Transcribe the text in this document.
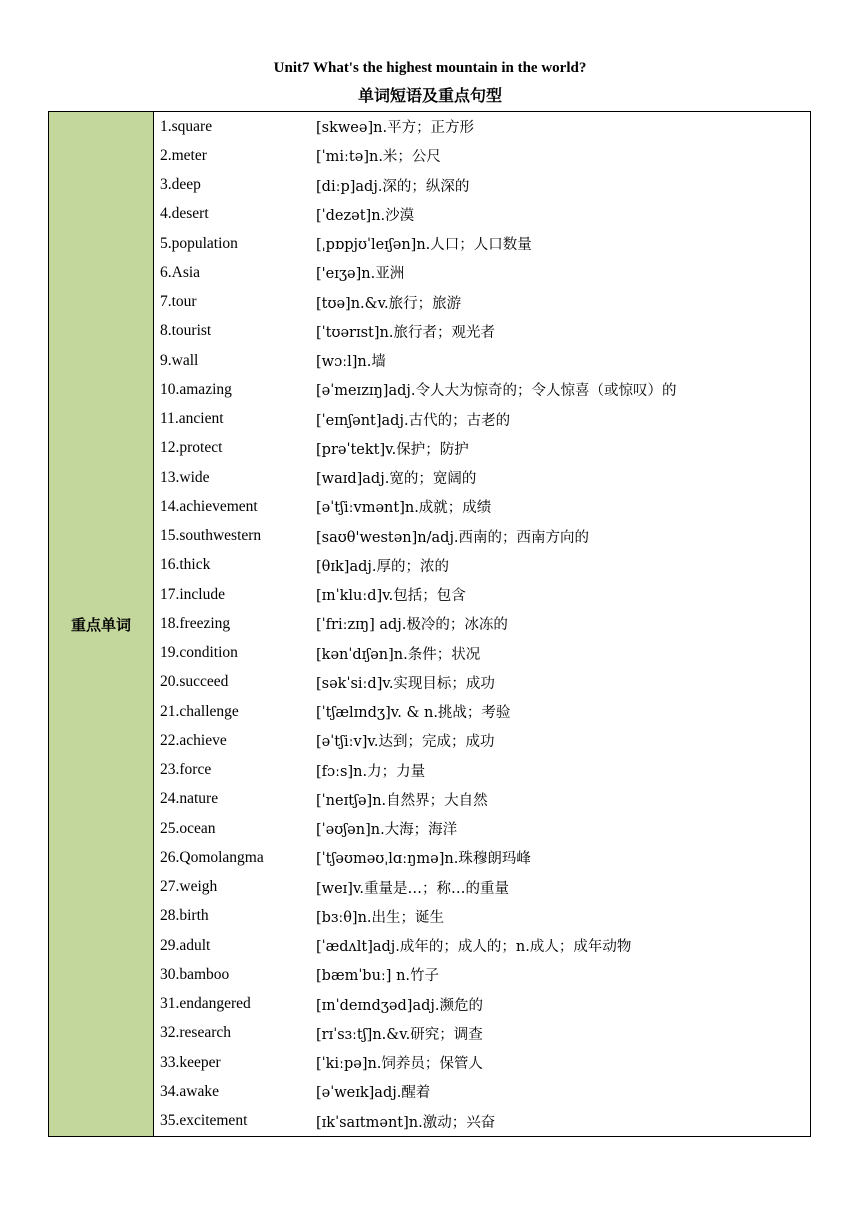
Unit7 What's the highest mountain in the world?
单词短语及重点句型
重点单词
1.square	[skweə]n.平方；正方形
2.meter	[ˈmiːtə]n.米；公尺
3.deep	[diːp]adj.深的；纵深的
4.desert	[ˈdezət]n.沙漠
5.population	[ˌpɒpjʊˈleɪʃən]n.人口；人口数量
6.Asia	['eɪʒə]n.亚洲
7.tour	[tʊə]n.&v.旅行；旅游
8.tourist	[ˈtʊərɪst]n.旅行者；观光者
9.wall	[wɔːl]n.墙
10.amazing	[əˈmeɪzɪŋ]adj.令人大为惊奇的；令人惊喜（或惊叹）的
11.ancient	[ˈeɪnʃənt]adj.古代的；古老的
12.protect	[prəˈtekt]v.保护；防护
13.wide	[waɪd]adj.宽的；宽阔的
14.achievement	[əˈtʃiːvmənt]n.成就；成绩
15.southwestern	[saʊθ'westən]n/adj.西南的；西南方向的
16.thick	[θɪk]adj.厚的；浓的
17.include	[ɪnˈkluːd]v.包括；包含
18.freezing	[ˈfriːzɪŋ] adj.极冷的；冰冻的
19.condition	[kənˈdɪʃən]n.条件；状况
20.succeed	[səkˈsiːd]v.实现目标；成功
21.challenge	[ˈtʃælɪndʒ]v. & n.挑战；考验
22.achieve	[əˈtʃiːv]v.达到；完成；成功
23.force	[fɔːs]n.力；力量
24.nature	[ˈneɪtʃə]n.自然界；大自然
25.ocean	[ˈəʊʃən]n.大海；海洋
26.Qomolangma	[ˈtʃəʊməʊˌlɑːŋmə]n.珠穆朗玛峰
27.weigh	[weɪ]v.重量是…；称…的重量
28.birth	[bɜːθ]n.出生；诞生
29.adult	[ˈædʌlt]adj.成年的；成人的；n.成人；成年动物
30.bamboo	[bæmˈbuː] n.竹子
31.endangered	[ɪnˈdeɪndʒəd]adj.濒危的
32.research	[rɪˈsɜːtʃ]n.&v.研究；调查
33.keeper	[ˈkiːpə]n.饲养员；保管人
34.awake	[əˈweɪk]adj.醒着
35.excitement	[ɪkˈsaɪtmənt]n.激动；兴奋
